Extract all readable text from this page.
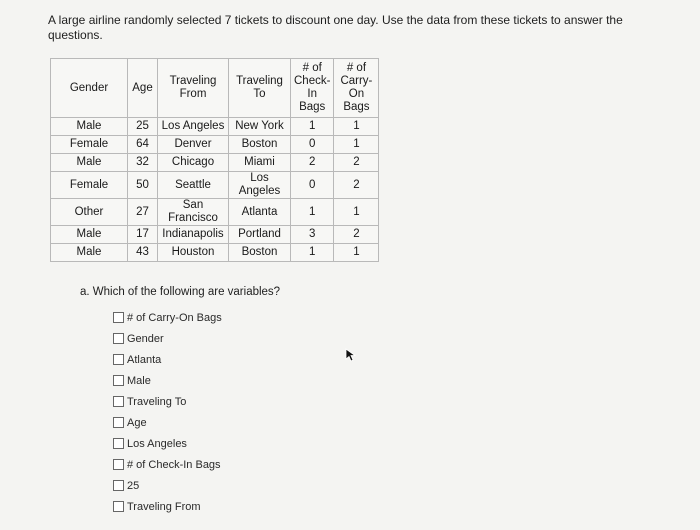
A large airline randomly selected 7 tickets to discount one day. Use the data from these tickets to answer the questions.
Gender	Age	Traveling From	Traveling To	# of Check-In Bags	# of Carry-On Bags
Male	25	Los Angeles	New York	1	1
Female	64	Denver	Boston	0	1
Male	32	Chicago	Miami	2	2
Female	50	Seattle	Los Angeles	0	2
Other	27	San Francisco	Atlanta	1	1
Male	17	Indianapolis	Portland	3	2
Male	43	Houston	Boston	1	1
a. Which of the following are variables?
# of Carry-On Bags
Gender
Atlanta
Male
Traveling To
Age
Los Angeles
# of Check-In Bags
25
Traveling From
